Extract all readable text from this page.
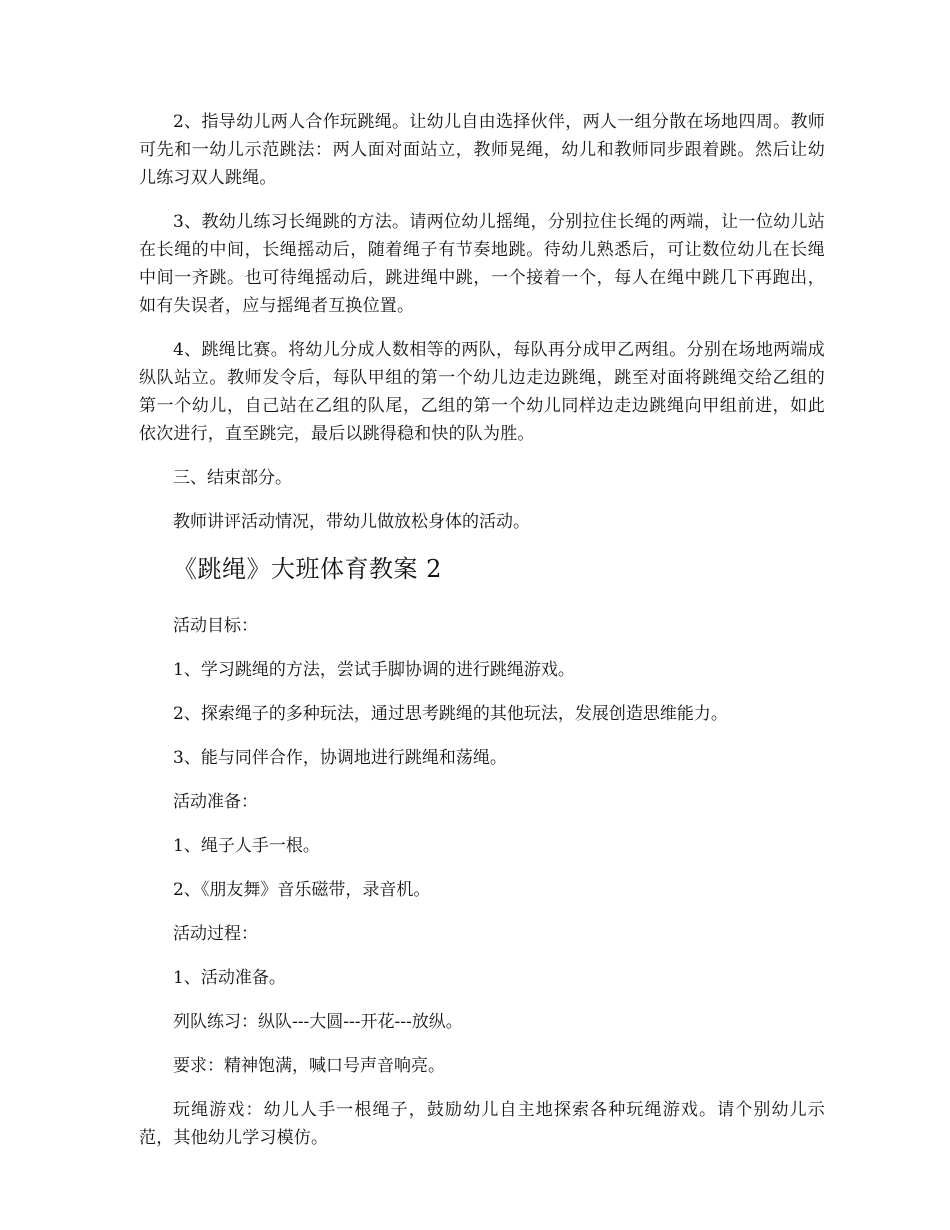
2、指导幼儿两人合作玩跳绳。让幼儿自由选择伙伴，两人一组分散在场地四周。教师可先和一幼儿示范跳法：两人面对面站立，教师晃绳，幼儿和教师同步跟着跳。然后让幼儿练习双人跳绳。

3、教幼儿练习长绳跳的方法。请两位幼儿摇绳，分别拉住长绳的两端，让一位幼儿站在长绳的中间，长绳摇动后，随着绳子有节奏地跳。待幼儿熟悉后，可让数位幼儿在长绳中间一齐跳。也可待绳摇动后，跳进绳中跳，一个接着一个，每人在绳中跳几下再跑出，如有失误者，应与摇绳者互换位置。

4、跳绳比赛。将幼儿分成人数相等的两队，每队再分成甲乙两组。分别在场地两端成纵队站立。教师发令后，每队甲组的第一个幼儿边走边跳绳，跳至对面将跳绳交给乙组的第一个幼儿，自己站在乙组的队尾，乙组的第一个幼儿同样边走边跳绳向甲组前进，如此依次进行，直至跳完，最后以跳得稳和快的队为胜。

三、结束部分。

教师讲评活动情况，带幼儿做放松身体的活动。

《跳绳》大班体育教案 2

活动目标：

1、学习跳绳的方法，尝试手脚协调的进行跳绳游戏。

2、探索绳子的多种玩法，通过思考跳绳的其他玩法，发展创造思维能力。

3、能与同伴合作，协调地进行跳绳和荡绳。

活动准备：

1、绳子人手一根。

2、《朋友舞》音乐磁带，录音机。

活动过程：

1、活动准备。

列队练习：纵队---大圆---开花---放纵。

要求：精神饱满，喊口号声音响亮。

玩绳游戏：幼儿人手一根绳子，鼓励幼儿自主地探索各种玩绳游戏。请个别幼儿示范，其他幼儿学习模仿。
